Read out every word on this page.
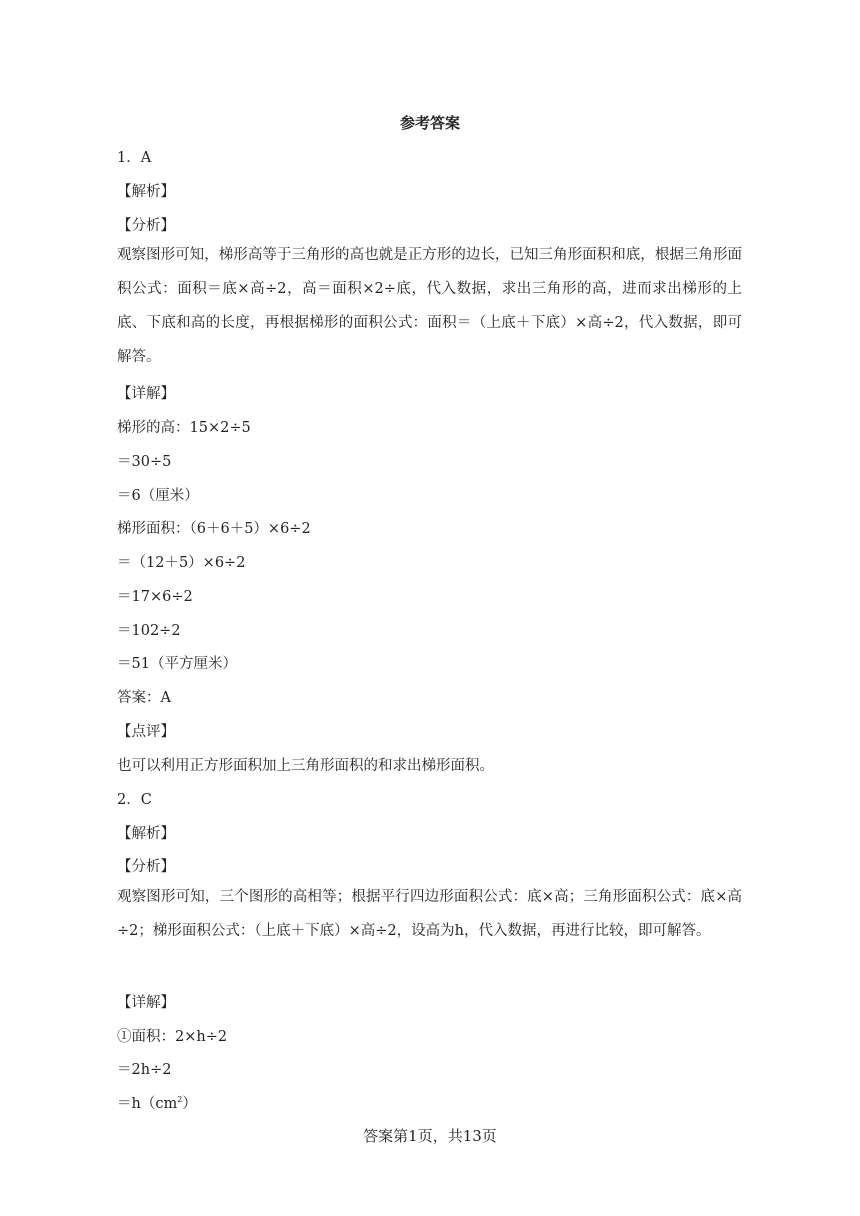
参考答案
1．A
【解析】
【分析】
观察图形可知，梯形高等于三角形的高也就是正方形的边长，已知三角形面积和底，根据三角形面积公式：面积＝底×高÷2，高＝面积×2÷底，代入数据，求出三角形的高，进而求出梯形的上底、下底和高的长度，再根据梯形的面积公式：面积＝（上底＋下底）×高÷2，代入数据，即可解答。
【详解】
梯形的高：15×2÷5
＝30÷5
＝6（厘米）
梯形面积：（6＋6＋5）×6÷2
＝（12＋5）×6÷2
＝17×6÷2
＝102÷2
＝51（平方厘米）
答案：A
【点评】
也可以利用正方形面积加上三角形面积的和求出梯形面积。
2．C
【解析】
【分析】
观察图形可知，三个图形的高相等；根据平行四边形面积公式：底×高；三角形面积公式：底×高÷2；梯形面积公式：（上底＋下底）×高÷2，设高为h，代入数据，再进行比较，即可解答。
【详解】
①面积：2×h÷2
＝2h÷2
$=h(cm^2)$
答案第1页，共13页
